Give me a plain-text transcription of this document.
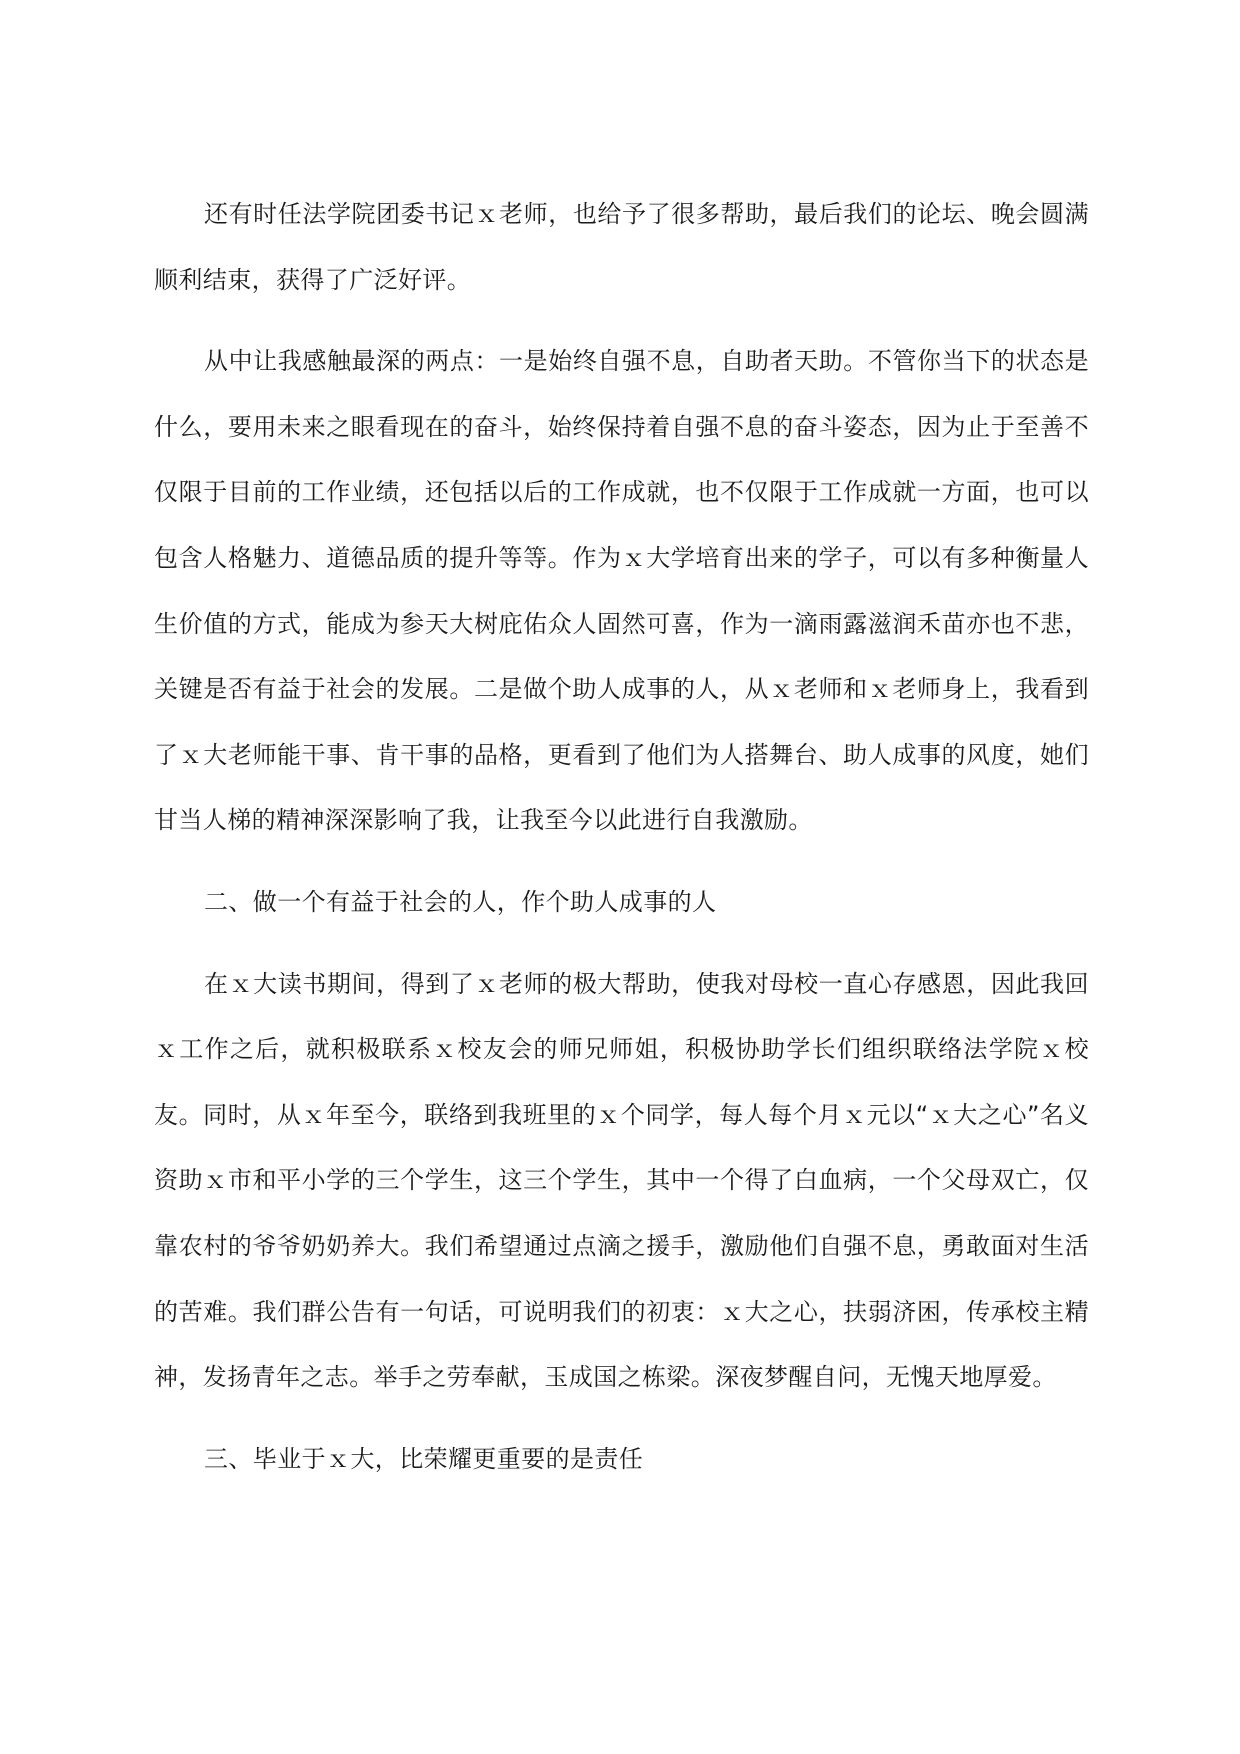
还有时任法学院团委书记ｘ老师，也给予了很多帮助，最后我们的论坛、晚会圆满顺利结束，获得了广泛好评。

从中让我感触最深的两点：一是始终自强不息，自助者天助。不管你当下的状态是什么，要用未来之眼看现在的奋斗，始终保持着自强不息的奋斗姿态，因为止于至善不仅限于目前的工作业绩，还包括以后的工作成就，也不仅限于工作成就一方面，也可以包含人格魅力、道德品质的提升等等。作为ｘ大学培育出来的学子，可以有多种衡量人生价值的方式，能成为参天大树庇佑众人固然可喜，作为一滴雨露滋润禾苗亦也不悲，关键是否有益于社会的发展。二是做个助人成事的人，从ｘ老师和ｘ老师身上，我看到了ｘ大老师能干事、肯干事的品格，更看到了他们为人搭舞台、助人成事的风度，她们甘当人梯的精神深深影响了我，让我至今以此进行自我激励。

二、做一个有益于社会的人，作个助人成事的人

在ｘ大读书期间，得到了ｘ老师的极大帮助，使我对母校一直心存感恩，因此我回ｘ工作之后，就积极联系ｘ校友会的师兄师姐，积极协助学长们组织联络法学院ｘ校友。同时，从ｘ年至今，联络到我班里的ｘ个同学，每人每个月ｘ元以“ｘ大之心”名义资助ｘ市和平小学的三个学生，这三个学生，其中一个得了白血病，一个父母双亡，仅靠农村的爷爷奶奶养大。我们希望通过点滴之援手，激励他们自强不息，勇敢面对生活的苦难。我们群公告有一句话，可说明我们的初衷：ｘ大之心，扶弱济困，传承校主精神，发扬青年之志。举手之劳奉献，玉成国之栋梁。深夜梦醒自问，无愧天地厚爱。

三、毕业于ｘ大，比荣耀更重要的是责任
